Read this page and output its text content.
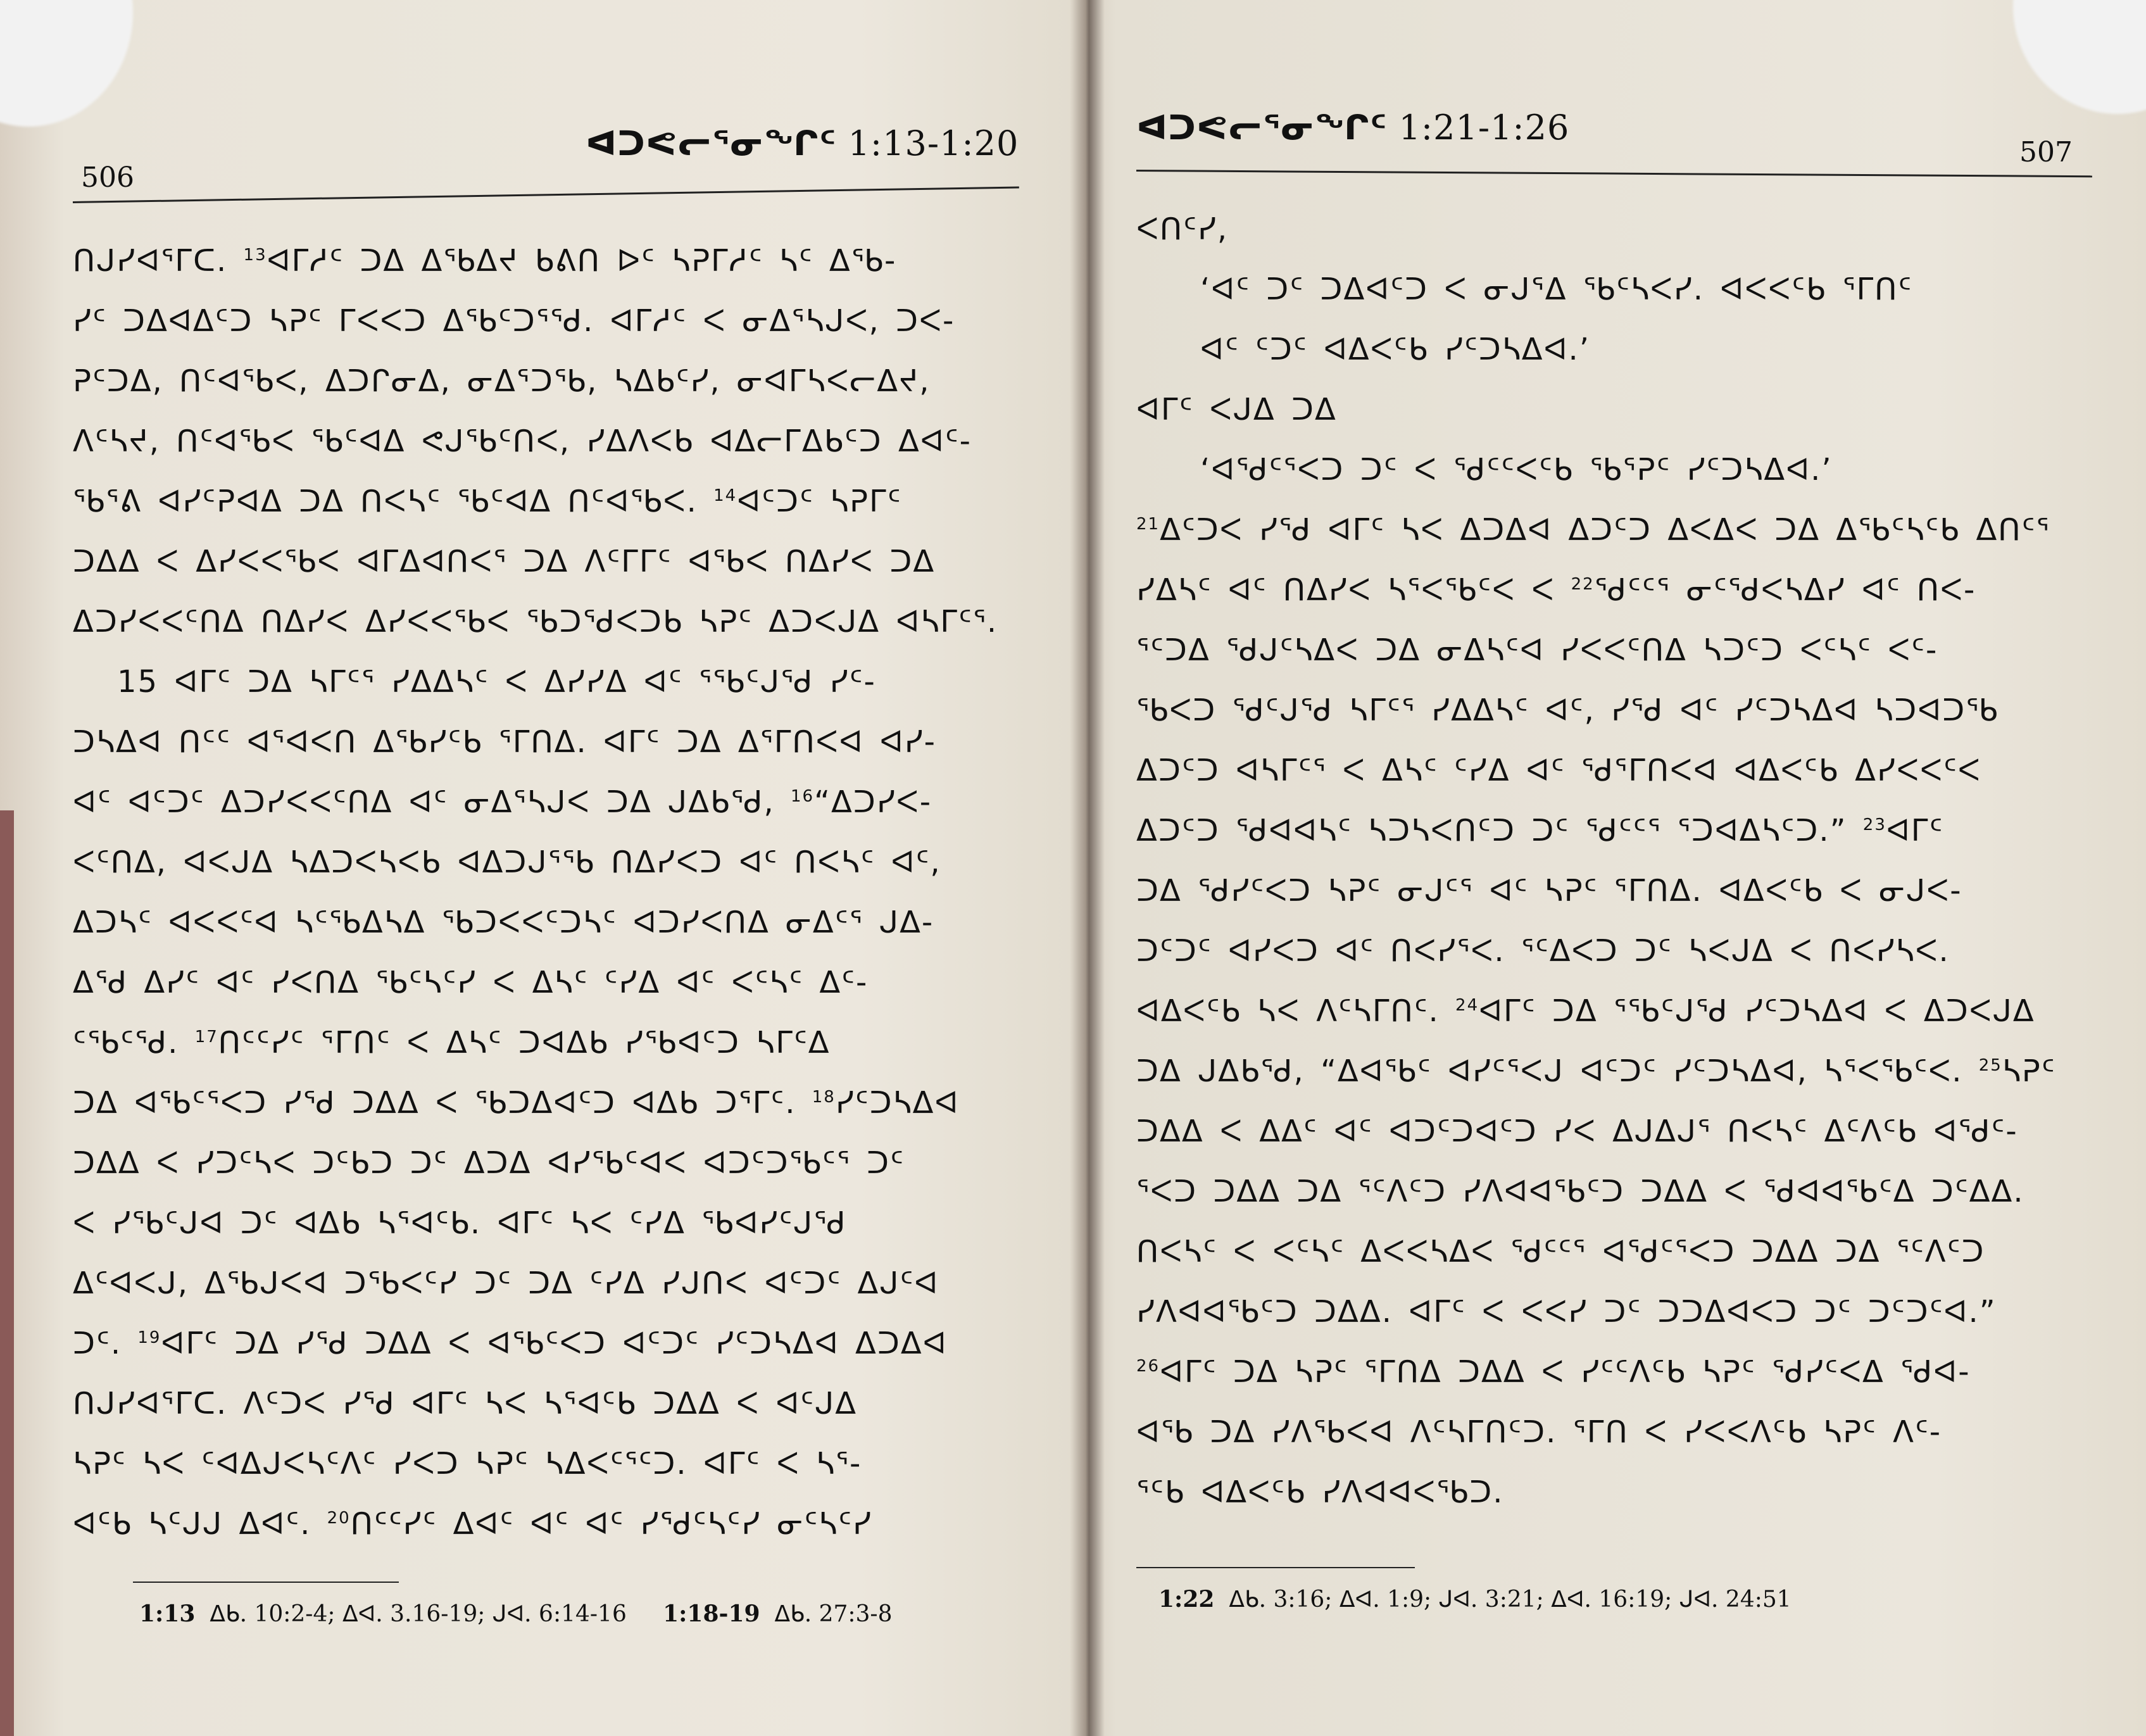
506
ᐊᑐᕙᓕᕐᓂᖏᑦ 1:13-1:20
ᑎᒍᓯᐊᕐᒥᑕ. $^{13}$ᐊᒥᓱᑦ ᑐᐃ ᐃᖃᐃᔪ ᑲᕕᑎ ᐅᑦ ᓴᕈᒥᓱᑦ ᓴᑦ ᐃᖃ-
ᓯᑦ ᑐᐃᐊᐃᑦᑐ ᓴᕈᑦ ᒥᐸᐸᑐ ᐃᖃᑦᑐᕐᖁ. ᐊᒥᓱᑦ ᐸ ᓂᐃᕐᓴᒍᐸ, ᑐᐸ-
ᕈᑦᑐᐃ, ᑎᑦᐊᖃᐸ, ᐃᑐᒋᓂᐃ, ᓂᐃᕐᑐᖃ, ᓴᐃᑲᑦᓯ, ᓂᐊᒥᓴᐸᓕᐃᔪ,
ᐱᑦᓴᔪ, ᑎᑦᐊᖃᐸ ᖃᑦᐊᐃ ᕙᒍᖃᑦᑎᐸ, ᓯᐃᐱᐸᑲ ᐊᐃᓕᒥᐃᑲᑦᑐ ᐃᐊᑦ-
ᖃᕐᕕ ᐊᓯᑦᕈᐊᐃ ᑐᐃ ᑎᐸᓴᑦ ᖃᑦᐊᐃ ᑎᑦᐊᖃᐸ. $^{14}$ᐊᑦᑐᑦ ᓴᕈᒥᑦ
ᑐᐃᐃ ᐸ ᐃᓯᐸᐸᖃᐸ ᐊᒥᐃᐊᑎᐸᕐ ᑐᐃ ᐱᑦᒥᒥᑦ ᐊᖃᐸ ᑎᐃᓯᐸ ᑐᐃ
ᐃᑐᓯᐸᐸᑦᑎᐃ ᑎᐃᓯᐸ ᐃᓯᐸᐸᖃᐸ ᖃᑐᖁᐸᑐᑲ ᓴᕈᑦ ᐃᑐᐸᒍᐃ ᐊᓴᒥᑦᕐ.
15 ᐊᒥᑦ ᑐᐃ ᓴᒥᑦᕐ ᓯᐃᐃᓴᑦ ᐸ ᐃᓯᓯᐃ ᐊᑦ ᕐᖃᑦᒍᖁ ᓯᑦ-
ᑐᓴᐃᐊ ᑎᑦᑦ ᐊᕐᐊᐸᑎ ᐃᖃᓯᑦᑲ ᕐᒥᑎᐃ. ᐊᒥᑦ ᑐᐃ ᐃᕐᒥᑎᐸᐊ ᐊᓯ-
ᐊᑦ ᐊᑦᑐᑦ ᐃᑐᓯᐸᐸᑦᑎᐃ ᐊᑦ ᓂᐃᕐᓴᒍᐸ ᑐᐃ ᒍᐃᑲᖁ, $^{16}$“ᐃᑐᓯᐸ-
ᐸᑦᑎᐃ, ᐊᐸᒍᐃ ᓴᐃᑐᐸᓴᐸᑲ ᐊᐃᑐᒍᕐᖃ ᑎᐃᓯᐸᑐ ᐊᑦ ᑎᐸᓴᑦ ᐊᑦ,
ᐃᑐᓴᑦ ᐊᐸᐸᑦᐊ ᓴᑦᖃᐃᓴᐃ ᖃᑐᐸᐸᑦᑐᓴᑦ ᐊᑐᓯᐸᑎᐃ ᓂᐃᑦᕐ ᒍᐃ-
ᐃᖁ ᐃᓯᑦ ᐊᑦ ᓯᐸᑎᐃ ᖃᑦᓴᑦᓯ ᐸ ᐃᓴᑦ ᑦᓯᐃ ᐊᑦ ᐸᑦᓴᑦ ᐃᑦ-
ᑦᖃᑦᖁ. $^{17}$ᑎᑦᑦᓯᑦ ᕐᒥᑎᑦ ᐸ ᐃᓴᑦ ᑐᐊᐃᑲ ᓯᖃᐊᑦᑐ ᓴᒥᑦᐃ
ᑐᐃ ᐊᖃᑦᕐᐸᑐ ᓯᖁ ᑐᐃᐃ ᐸ ᖃᑐᐃᐊᑦᑐ ᐊᐃᑲ ᑐᕐᒥᑦ. $^{18}$ᓯᑦᑐᓴᐃᐊ
ᑐᐃᐃ ᐸ ᓯᑐᑦᓴᐸ ᑐᑦᑲᑐ ᑐᑦ ᐃᑐᐃ ᐊᓯᖃᑦᐊᐸ ᐊᑐᑦᑐᖃᑦᕐ ᑐᑦ
ᐸ ᓯᖃᑦᒍᐊ ᑐᑦ ᐊᐃᑲ ᓴᕐᐊᑦᑲ. ᐊᒥᑦ ᓴᐸ ᑦᓯᐃ ᖃᐊᓯᑦᒍᖁ
ᐃᑦᐊᐸᒍ, ᐃᖃᒍᐸᐊ ᑐᖃᐸᑦᓯ ᑐᑦ ᑐᐃ ᑦᓯᐃ ᓯᒍᑎᐸ ᐊᑦᑐᑦ ᐃᒍᑦᐊ
ᑐᑦ. $^{19}$ᐊᒥᑦ ᑐᐃ ᓯᖁ ᑐᐃᐃ ᐸ ᐊᖃᑦᐸᑐ ᐊᑦᑐᑦ ᓯᑦᑐᓴᐃᐊ ᐃᑐᐃᐊ
ᑎᒍᓯᐊᕐᒥᑕ. ᐱᑦᑐᐸ ᓯᖁ ᐊᒥᑦ ᓴᐸ ᓴᕐᐊᑦᑲ ᑐᐃᐃ ᐸ ᐊᑦᒍᐃ
ᓴᕈᑦ ᓴᐸ ᑦᐊᐃᒍᐸᓴᑦᐱᑦ ᓯᐸᑐ ᓴᕈᑦ ᓴᐃᐸᑦᕐᑦᑐ. ᐊᒥᑦ ᐸ ᓴᕐ-
ᐊᑦᑲ ᓴᑦᒍᒍ ᐃᐊᑦ. $^{20}$ᑎᑦᑦᓯᑦ ᐃᐊᑦ ᐊᑦ ᐊᑦ ᓯᖁᑦᓴᑦᓯ ᓂᑦᓴᑦᓯ
1:13 ᐃᑲ. 10:2-4; ᐃᐊ. 3.16-19; ᒍᐊ. 6:14-16 1:18-19 ᐃᑲ. 27:3-8
ᐊᑐᕙᓕᕐᓂᖏᑦ 1:21-1:26
507
ᐸᑎᑦᓯ,
‘ᐊᑦ ᑐᑦ ᑐᐃᐊᑦᑐ ᐸ ᓂᒍᕐᐃ ᖃᑦᓴᐸᓯ. ᐊᐸᐸᑦᑲ ᕐᒥᑎᑦ
ᐊᑦ ᑦᑐᑦ ᐊᐃᐸᑦᑲ ᓯᑦᑐᓴᐃᐊ.’
ᐊᒥᑦ ᐸᒍᐃ ᑐᐃ
‘ᐊᖁᑦᕐᐸᑐ ᑐᑦ ᐸ ᖁᑦᑦᐸᑦᑲ ᖃᕐᕈᑦ ᓯᑦᑐᓴᐃᐊ.’
$^{21}$ᐃᑦᑐᐸ ᓯᖁ ᐊᒥᑦ ᓴᐸ ᐃᑐᐃᐊ ᐃᑐᑦᑐ ᐃᐸᐃᐸ ᑐᐃ ᐃᖃᑦᓴᑦᑲ ᐃᑎᑦᕐ
ᓯᐃᓴᑦ ᐊᑦ ᑎᐃᓯᐸ ᓴᕐᐸᖃᑦᐸ ᐸ $^{22}$ᖁᑦᑦᕐ ᓂᑦᖁᐸᓴᐃᓯ ᐊᑦ ᑎᐸ-
ᕐᑦᑐᐃ ᖁᒍᑦᓴᐃᐸ ᑐᐃ ᓂᐃᓴᑦᐊ ᓯᐸᐸᑦᑎᐃ ᓴᑐᑦᑐ ᐸᑦᓴᑦ ᐸᑦ-
ᖃᐸᑐ ᖁᑦᒍᖁ ᓴᒥᑦᕐ ᓯᐃᐃᓴᑦ ᐊᑦ, ᓯᖁ ᐊᑦ ᓯᑦᑐᓴᐃᐊ ᓴᑐᐊᑐᖃ
ᐃᑐᑦᑐ ᐊᓴᒥᑦᕐ ᐸ ᐃᓴᑦ ᑦᓯᐃ ᐊᑦ ᖁᕐᒥᑎᐸᐊ ᐊᐃᐸᑦᑲ ᐃᓯᐸᐸᑦᐸ
ᐃᑐᑦᑐ ᖁᐊᐊᓴᑦ ᓴᑐᓴᐸᑎᑦᑐ ᑐᑦ ᖁᑦᑦᕐ ᕐᑐᐊᐃᓴᑦᑐ.” $^{23}$ᐊᒥᑦ
ᑐᐃ ᖁᓯᑦᐸᑐ ᓴᕈᑦ ᓂᒍᑦᕐ ᐊᑦ ᓴᕈᑦ ᕐᒥᑎᐃ. ᐊᐃᐸᑦᑲ ᐸ ᓂᒍᐸ-
ᑐᑦᑐᑦ ᐊᓯᐸᑐ ᐊᑦ ᑎᐸᓯᕐᐸ. ᕐᑦᐃᐸᑐ ᑐᑦ ᓴᐸᒍᐃ ᐸ ᑎᐸᓯᓴᐸ.
ᐊᐃᐸᑦᑲ ᓴᐸ ᐱᑦᓴᒥᑎᑦ. $^{24}$ᐊᒥᑦ ᑐᐃ ᕐᖃᑦᒍᖁ ᓯᑦᑐᓴᐃᐊ ᐸ ᐃᑐᐸᒍᐃ
ᑐᐃ ᒍᐃᑲᖁ, “ᐃᐊᖃᑦ ᐊᓯᑦᕐᐸᒍ ᐊᑦᑐᑦ ᓯᑦᑐᓴᐃᐊ, ᓴᕐᐸᖃᑦᐸ. $^{25}$ᓴᕈᑦ
ᑐᐃᐃ ᐸ ᐃᐃᑦ ᐊᑦ ᐊᑐᑦᑐᐊᑦᑐ ᓯᐸ ᐃᒍᐃᒍᕐ ᑎᐸᓴᑦ ᐃᑦᐱᑦᑲ ᐊᖁᑦ-
ᕐᐸᑐ ᑐᐃᐃ ᑐᐃ ᕐᑦᐱᑦᑐ ᓯᐱᐊᐊᖃᑦᑐ ᑐᐃᐃ ᐸ ᖁᐊᐊᖃᑦᐃ ᑐᑦᐃᐃ.
ᑎᐸᓴᑦ ᐸ ᐸᑦᓴᑦ ᐃᐸᐸᓴᐃᐸ ᖁᑦᑦᕐ ᐊᖁᑦᕐᐸᑐ ᑐᐃᐃ ᑐᐃ ᕐᑦᐱᑦᑐ
ᓯᐱᐊᐊᖃᑦᑐ ᑐᐃᐃ. ᐊᒥᑦ ᐸ ᐸᐸᓯ ᑐᑦ ᑐᑐᐃᐊᐸᑐ ᑐᑦ ᑐᑦᑐᑦᐊ.”
$^{26}$ᐊᒥᑦ ᑐᐃ ᓴᕈᑦ ᕐᒥᑎᐃ ᑐᐃᐃ ᐸ ᓯᑦᑦᐱᑦᑲ ᓴᕈᑦ ᖁᓯᑦᐸᐃ ᖁᐊ-
ᐊᖃ ᑐᐃ ᓯᐱᖃᐸᐊ ᐱᑦᓴᒥᑎᑦᑐ. ᕐᒥᑎ ᐸ ᓯᐸᐸᐱᑦᑲ ᓴᕈᑦ ᐱᑦ-
ᕐᑦᑲ ᐊᐃᐸᑦᑲ ᓯᐱᐊᐊᐸᖃᑐ.
1:22 ᐃᑲ. 3:16; ᐃᐊ. 1:9; ᒍᐊ. 3:21; ᐃᐊ. 16:19; ᒍᐊ. 24:51
